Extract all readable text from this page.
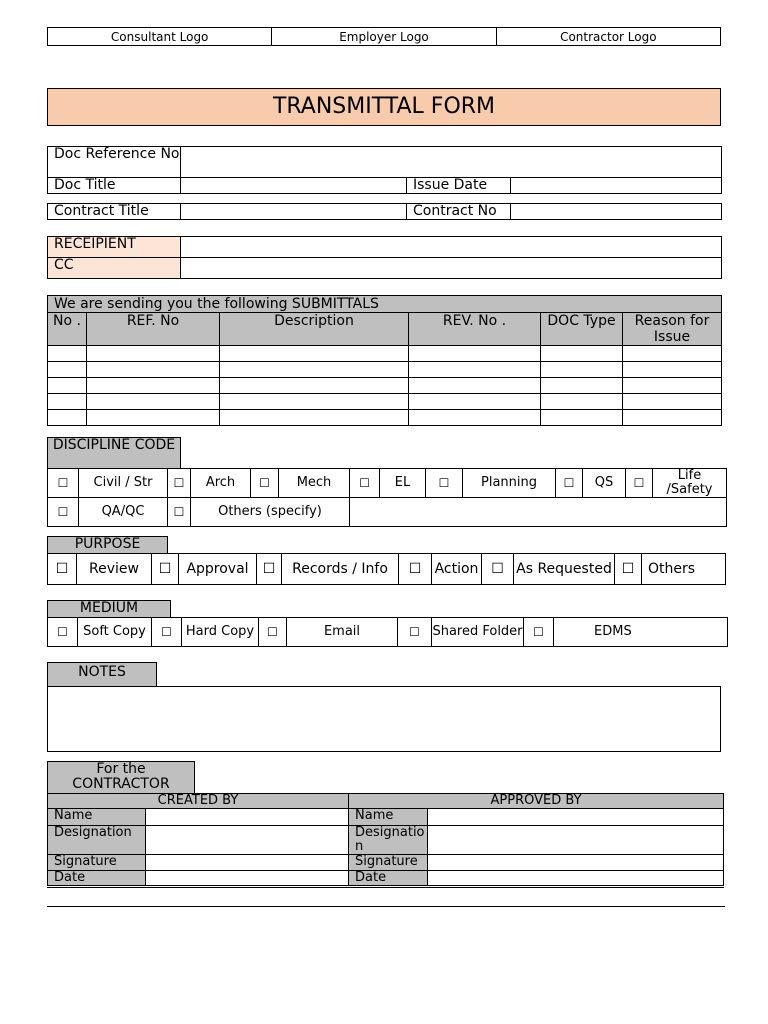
Consultant Logo	Employer Logo	Contractor Logo
TRANSMITTAL FORM
Doc Reference No			
Doc Title		Issue Date	
Contract Title		Contract No	
RECEIPIENT	
CC	
We are sending you the following SUBMITTALS					
No .	REF. No	Description	REV. No .	DOC Type	Reason for Issue

DISCIPLINE CODE
☐	Civil / Str	☐	Arch	☐	Mech	☐	EL	☐	Planning	☐	QS	☐	Life /Safety
☐	QA/QC	☐	Others (specify)										
PURPOSE
☐	Review	☐	Approval	☐	Records / Info	☐	Action	☐	As Requested	☐	Others
MEDIUM
☐	Soft Copy	☐	Hard Copy	☐	Email	☐	Shared Folder	☐	EDMS
NOTES
For the CONTRACTOR
CREATED BY		APPROVED BY	
Name		Name	
Designation		Designation	
Signature		Signature	
Date		Date	
